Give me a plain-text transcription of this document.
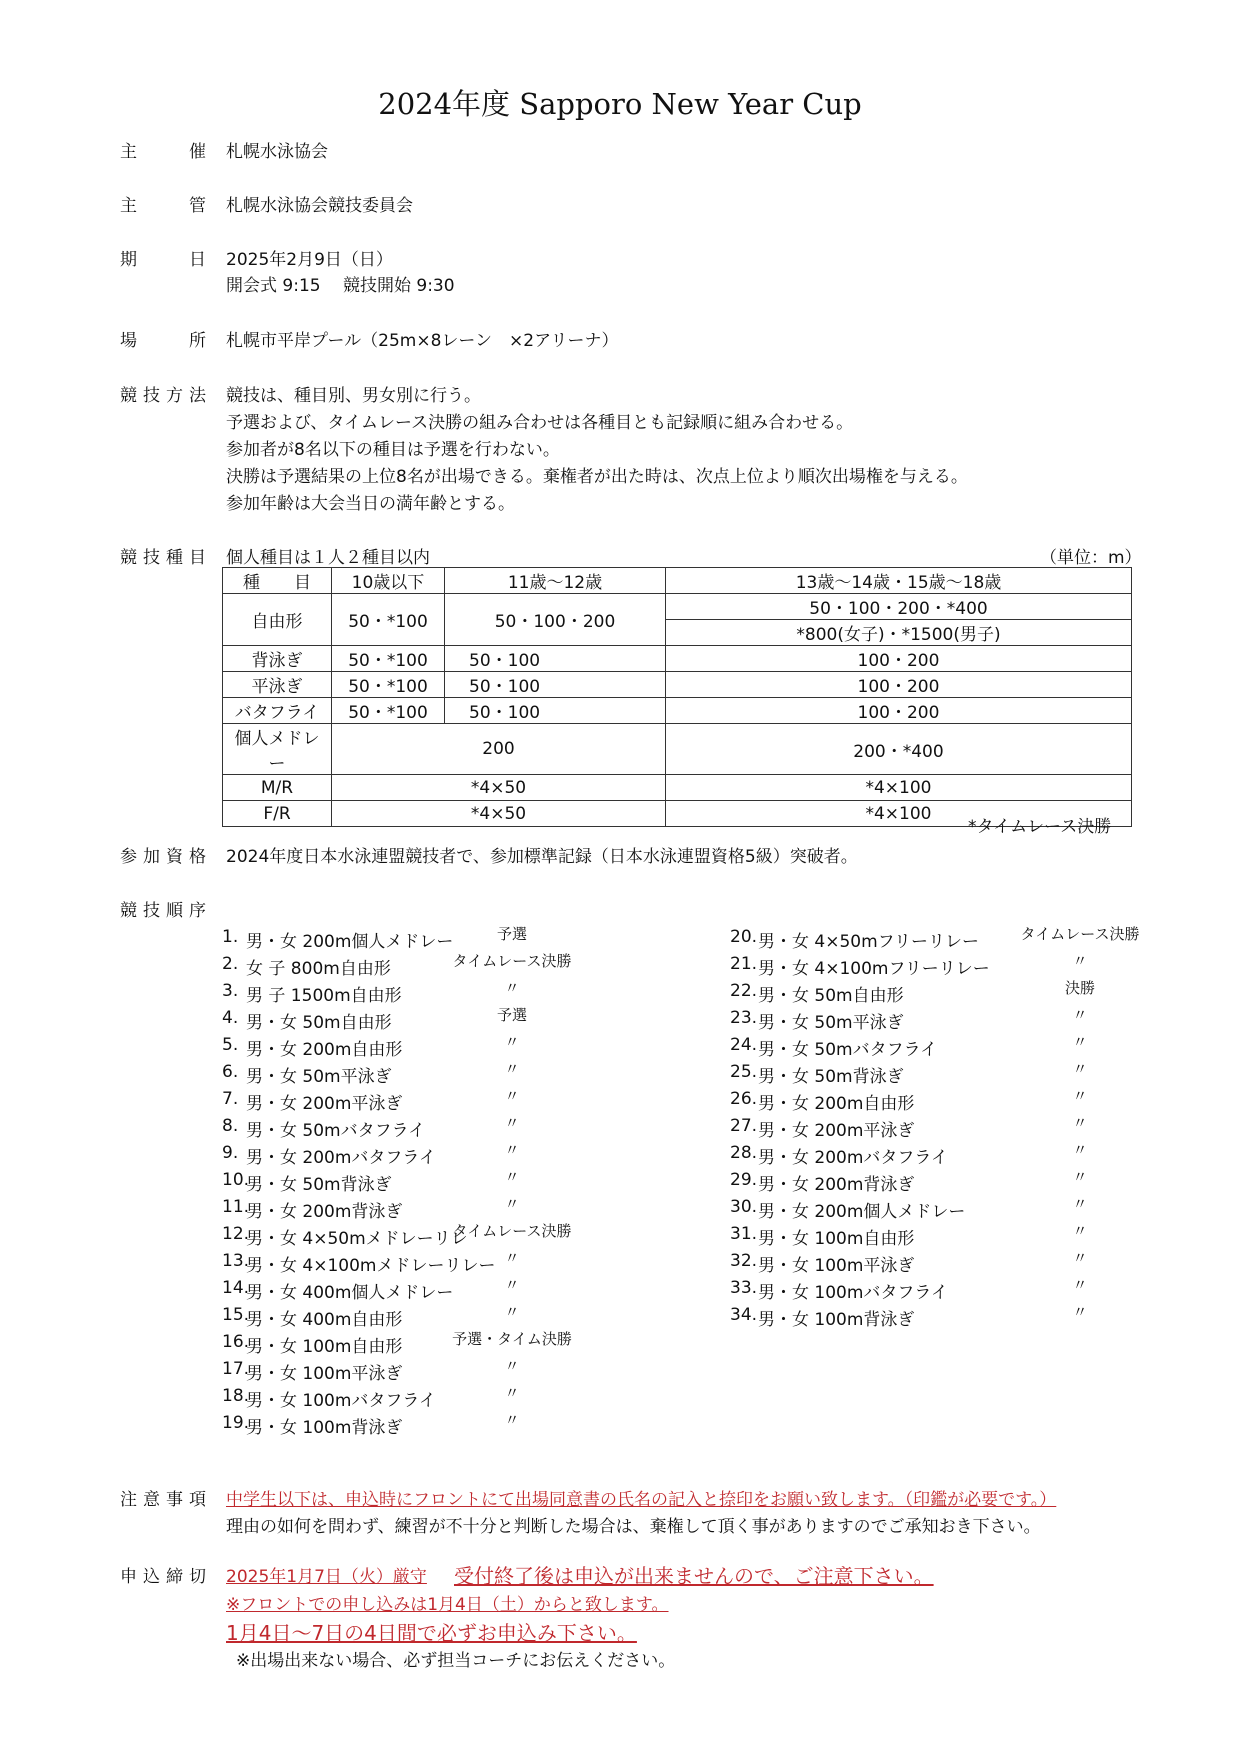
2024年度 Sapporo New Year Cup
主　　催 札幌水泳協会
主　　管 札幌水泳協会競技委員会
期　　日 2025年2月9日（日）
開会式 9:15　 競技開始 9:30
場　　所 札幌市平岸プール（25m×8レーン　×2アリーナ）
競技方法 競技は、種目別、男女別に行う。
予選および、タイムレース決勝の組み合わせは各種目とも記録順に組み合わせる。
参加者が8名以下の種目は予選を行わない。
決勝は予選結果の上位8名が出場できる。棄権者が出た時は、次点上位より順次出場権を与える。
参加年齢は大会当日の満年齢とする。
競技種目 個人種目は１人２種目以内	（単位：m）
種　　目	10歳以下	11歳〜12歳	13歳〜14歳・15歳〜18歳
自由形	50・*100	50・100・200	50・100・200・*400
			*800(女子)・*1500(男子)
背泳ぎ	50・*100	50・100	100・200
平泳ぎ	50・*100	50・100	100・200
バタフライ	50・*100	50・100	100・200
個人メドレー	200		200・*400
M/R	*4×50		*4×100
F/R	*4×50		*4×100
*タイムレース決勝
参加資格 2024年度日本水泳連盟競技者で、参加標準記録（日本水泳連盟資格5級）突破者。
競技順序
1. 男・女 200m個人メドレー	予選
2. 女 子 800m自由形	タイムレース決勝
3. 男 子 1500m自由形	〃
4. 男・女 50m自由形	予選
5. 男・女 200m自由形	〃
6. 男・女 50m平泳ぎ	〃
7. 男・女 200m平泳ぎ	〃
8. 男・女 50mバタフライ	〃
9. 男・女 200mバタフライ	〃
10.
男・女 50m背泳ぎ	〃
11.
男・女 200m背泳ぎ	〃
12.
男・女 4×50mメドレーリレ
タイムレース決勝
13.
男・女 4×100mメドレーリレー 〃
14.
男・女 400m個人メドレー	〃
15.
男・女 400m自由形	〃
16.
男・女 100m自由形	予選・タイム決勝
17.
男・女 100m平泳ぎ	〃
18.
男・女 100mバタフライ	〃
19.
男・女 100m背泳ぎ	〃
20. 男・女 4×50mフリーリレー	タイムレース決勝
21. 男・女 4×100mフリーリレー	〃
22. 男・女 50m自由形	決勝
23. 男・女 50m平泳ぎ	〃
24. 男・女 50mバタフライ	〃
25. 男・女 50m背泳ぎ	〃
26. 男・女 200m自由形	〃
27. 男・女 200m平泳ぎ	〃
28. 男・女 200mバタフライ	〃
29. 男・女 200m背泳ぎ	〃
30. 男・女 200m個人メドレー	〃
31. 男・女 100m自由形	〃
32. 男・女 100m平泳ぎ	〃
33. 男・女 100mバタフライ	〃
34. 男・女 100m背泳ぎ	〃
注意事項 中学生以下は、申込時にフロントにて出場同意書の氏名の記入と捺印をお願い致します。（印鑑が必要です。）
理由の如何を問わず、練習が不十分と判断した場合は、棄権して頂く事がありますのでご承知おき下さい。
申込締切 2025年1月7日（火）厳守 受付終了後は申込が出来ませんので、ご注意下さい。
※フロントでの申し込みは1月4日（土）からと致します。
1月4日〜7日の4日間で必ずお申込み下さい。
※出場出来ない場合、必ず担当コーチにお伝えください。
